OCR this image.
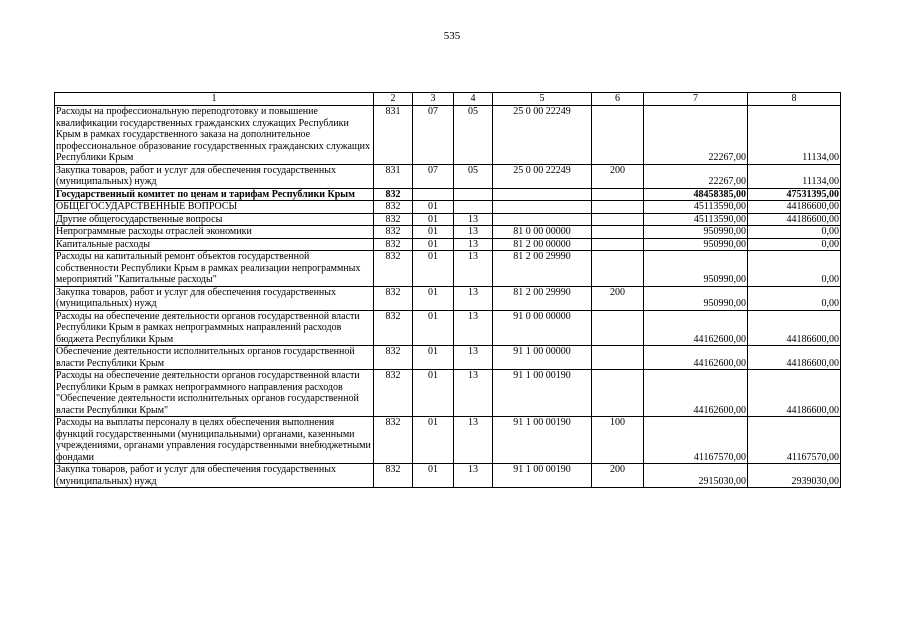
535
1	2	3	4	5	6	7	8
Расходы на профессиональную переподготовку и повышение квалификации государственных гражданских служащих Республики Крым в рамках государственного заказа на дополнительное профессиональное образование государственных гражданских служащих Республики Крым	831	07	05	25 0 00 22249		22267,00	11134,00
Закупка товаров, работ и услуг для обеспечения государственных (муниципальных) нужд	831	07	05	25 0 00 22249	200	22267,00	11134,00
Государственный комитет по ценам и тарифам Республики Крым	832					48458385,00	47531395,00
ОБЩЕГОСУДАРСТВЕННЫЕ ВОПРОСЫ	832	01				45113590,00	44186600,00
Другие общегосударственные вопросы	832	01	13			45113590,00	44186600,00
Непрограммные расходы отраслей экономики	832	01	13	81 0 00 00000		950990,00	0,00
Капитальные расходы	832	01	13	81 2 00 00000		950990,00	0,00
Расходы на капитальный ремонт объектов государственной собственности Республики Крым в рамках реализации непрограммных мероприятий "Капитальные расходы"	832	01	13	81 2 00 29990		950990,00	0,00
Закупка товаров, работ и услуг для обеспечения государственных (муниципальных) нужд	832	01	13	81 2 00 29990	200	950990,00	0,00
Расходы на обеспечение деятельности органов государственной власти Республики Крым в рамках непрограммных направлений расходов бюджета Республики Крым	832	01	13	91 0 00 00000		44162600,00	44186600,00
Обеспечение деятельности исполнительных органов государственной власти Республики Крым	832	01	13	91 1 00 00000		44162600,00	44186600,00
Расходы на обеспечение деятельности органов государственной власти Республики Крым в рамках непрограммного направления расходов "Обеспечение деятельности исполнительных органов государственной власти Республики Крым"	832	01	13	91 1 00 00190		44162600,00	44186600,00
Расходы на выплаты персоналу в целях обеспечения выполнения функций государственными (муниципальными) органами, казенными учреждениями, органами управления государственными внебюджетными фондами	832	01	13	91 1 00 00190	100	41167570,00	41167570,00
Закупка товаров, работ и услуг для обеспечения государственных (муниципальных) нужд	832	01	13	91 1 00 00190	200	2915030,00	2939030,00
